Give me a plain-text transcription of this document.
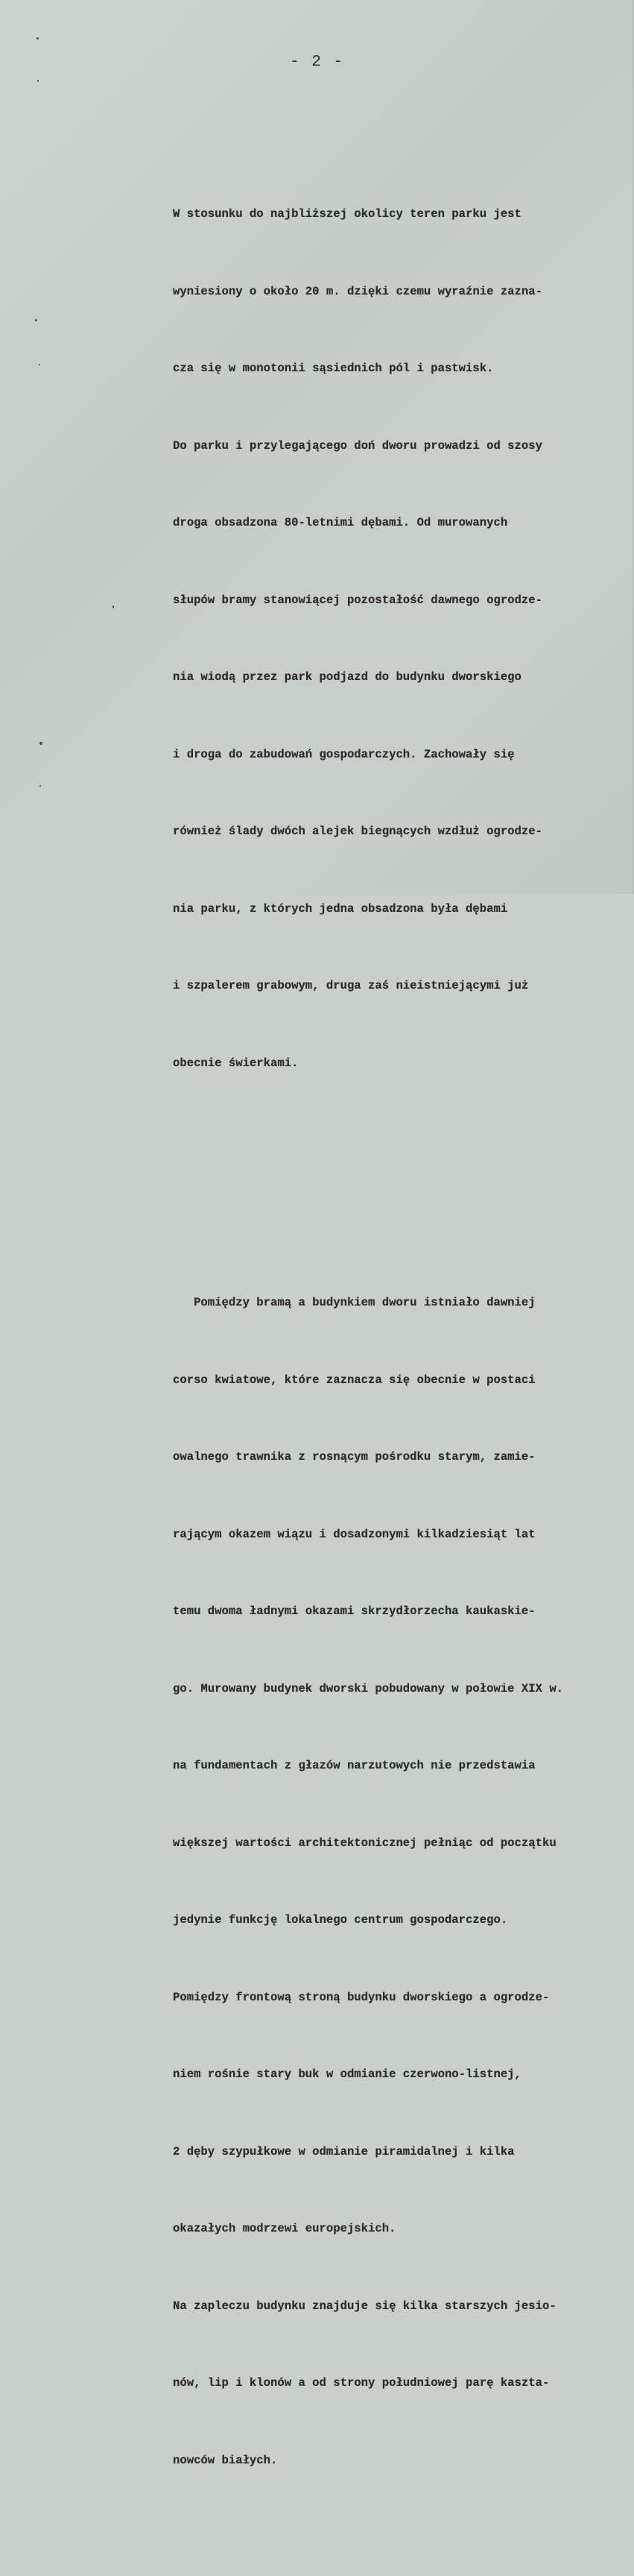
- 2 -

W stosunku do najbliższej okolicy teren parku jest

wyniesiony o około 20 m. dzięki czemu wyraźnie zazna-

cza się w monotonii sąsiednich pól i pastwisk.

Do parku i przylegającego doń dworu prowadzi od szosy

droga obsadzona 80-letnimi dębami. Od murowanych

słupów bramy stanowiącej pozostałość dawnego ogrodze-

nia wiodą przez park podjazd do budynku dworskiego

i droga do zabudowań gospodarczych. Zachowały się

również ślady dwóch alejek biegnących wzdłuż ogrodze-

nia parku, z których jedna obsadzona była dębami

i szpalerem grabowym, druga zaś nieistniejącymi już

obecnie świerkami.

Pomiędzy bramą a budynkiem dworu istniało dawniej

corso kwiatowe, które zaznacza się obecnie w postaci

owalnego trawnika z rosnącym pośrodku starym, zamie-

rającym okazem wiązu i dosadzonymi kilkadziesiąt lat

temu dwoma ładnymi okazami skrzydłorzecha kaukaskie-

go. Murowany budynek dworski pobudowany w połowie XIX w.

na fundamentach z głazów narzutowych nie przedstawia

większej wartości architektonicznej pełniąc od początku

jedynie funkcję lokalnego centrum gospodarczego.

Pomiędzy frontową stroną budynku dworskiego a ogrodze-

niem rośnie stary buk w odmianie czerwono-listnej,

2 dęby szypułkowe w odmianie piramidalnej i kilka

okazałych modrzewi europejskich.

Na zapleczu budynku znajduje się kilka starszych jesio-

nów, lip i klonów a od strony południowej parę kaszta-

nowców białych.
